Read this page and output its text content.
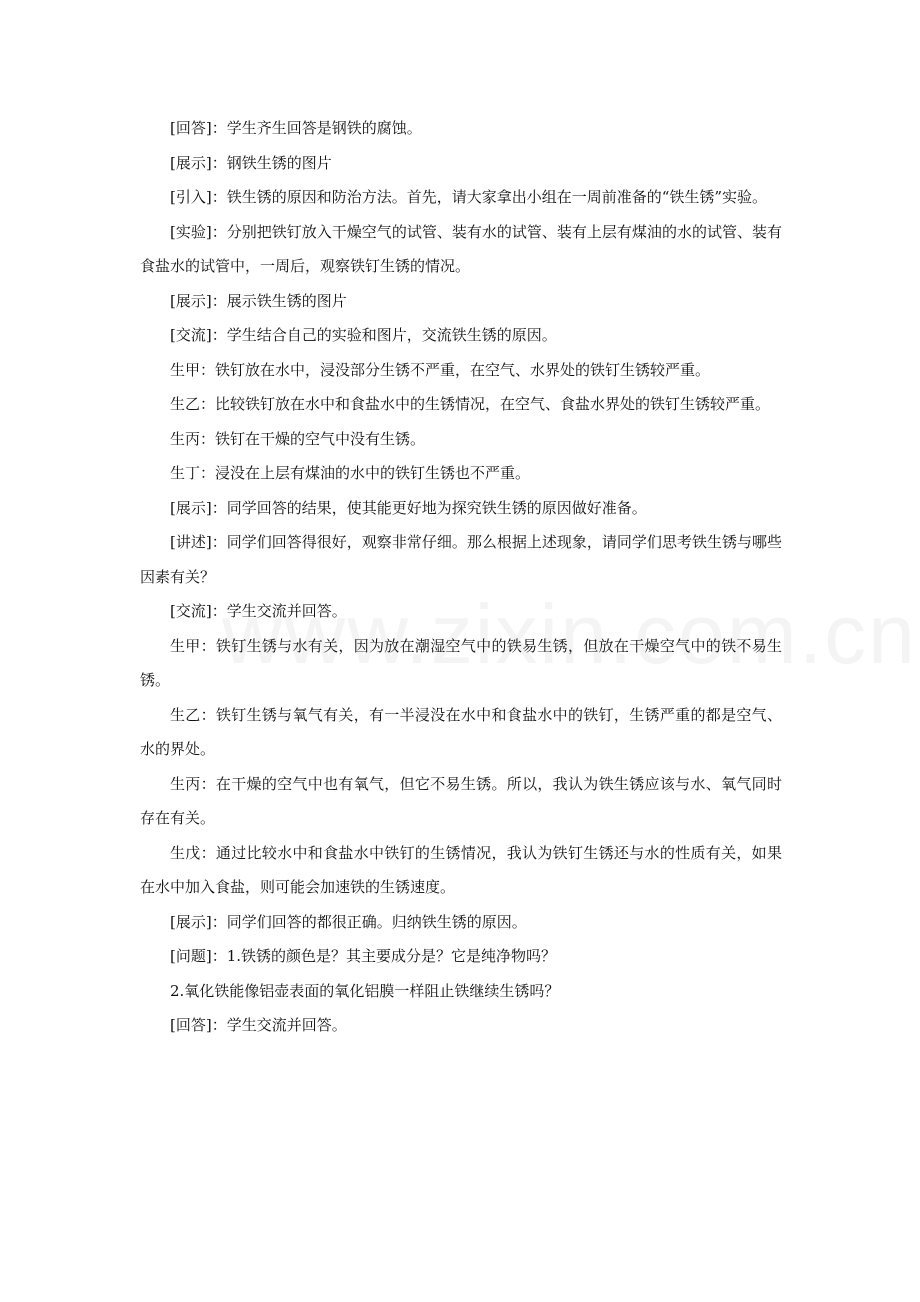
[回答]：学生齐生回答是钢铁的腐蚀。

[展示]：钢铁生锈的图片

[引入]：铁生锈的原因和防治方法。首先，请大家拿出小组在一周前准备的“铁生锈”实验。

[实验]：分别把铁钉放入干燥空气的试管、装有水的试管、装有上层有煤油的水的试管、装有食盐水的试管中，一周后，观察铁钉生锈的情况。

[展示]：展示铁生锈的图片

[交流]：学生结合自己的实验和图片，交流铁生锈的原因。

生甲：铁钉放在水中，浸没部分生锈不严重，在空气、水界处的铁钉生锈较严重。

生乙：比较铁钉放在水中和食盐水中的生锈情况，在空气、食盐水界处的铁钉生锈较严重。

生丙：铁钉在干燥的空气中没有生锈。

生丁：浸没在上层有煤油的水中的铁钉生锈也不严重。

[展示]：同学回答的结果，使其能更好地为探究铁生锈的原因做好准备。

[讲述]：同学们回答得很好，观察非常仔细。那么根据上述现象，请同学们思考铁生锈与哪些因素有关？

[交流]：学生交流并回答。

生甲：铁钉生锈与水有关，因为放在潮湿空气中的铁易生锈，但放在干燥空气中的铁不易生锈。

生乙：铁钉生锈与氧气有关，有一半浸没在水中和食盐水中的铁钉，生锈严重的都是空气、水的界处。

生丙：在干燥的空气中也有氧气，但它不易生锈。所以，我认为铁生锈应该与水、氧气同时存在有关。

生戊：通过比较水中和食盐水中铁钉的生锈情况，我认为铁钉生锈还与水的性质有关，如果在水中加入食盐，则可能会加速铁的生锈速度。

[展示]：同学们回答的都很正确。归纳铁生锈的原因。

[问题]：1.铁锈的颜色是？其主要成分是？它是纯净物吗？

2.氧化铁能像铝壶表面的氧化铝膜一样阻止铁继续生锈吗？

[回答]：学生交流并回答。
